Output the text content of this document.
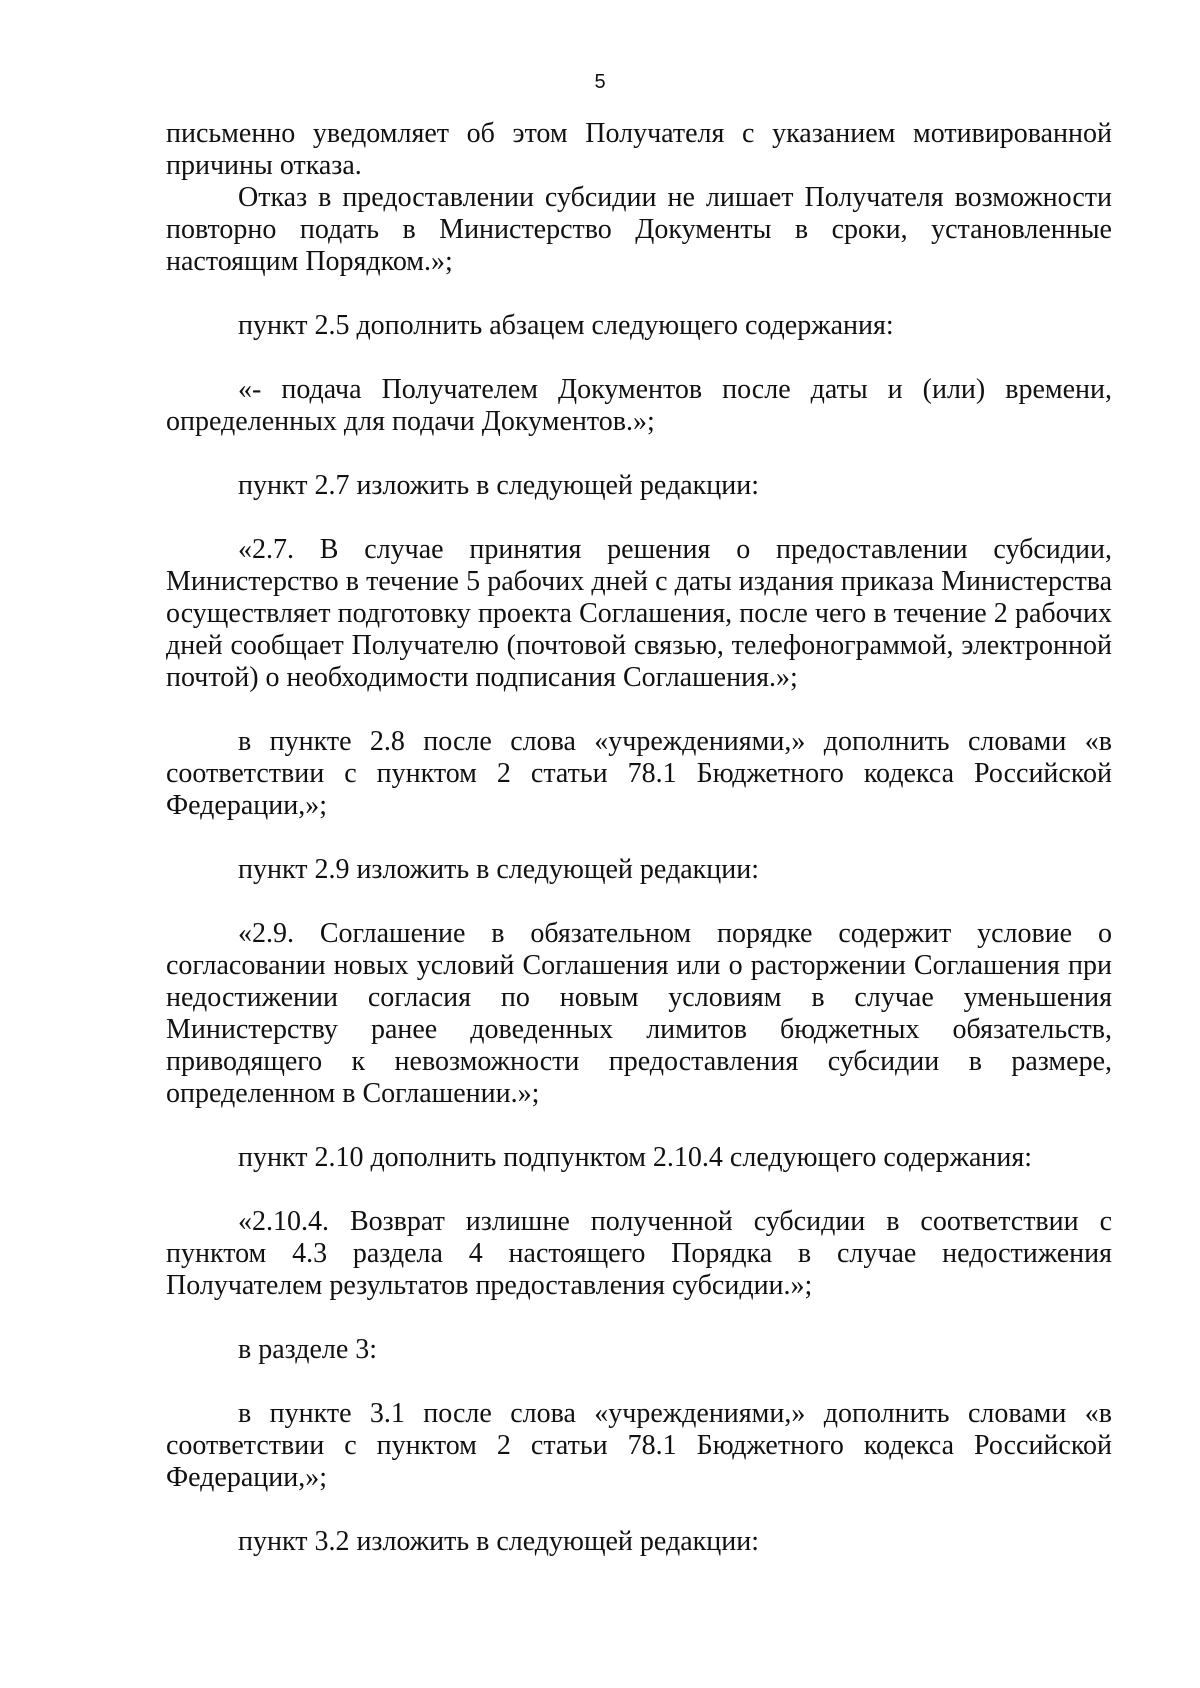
5

письменно уведомляет об этом Получателя с указанием мотивированной причины отказа.

Отказ в предоставлении субсидии не лишает Получателя возможности повторно подать в Министерство Документы в сроки, установленные настоящим Порядком.»;

пункт 2.5 дополнить абзацем следующего содержания:

«- подача Получателем Документов после даты и (или) времени, определенных для подачи Документов.»;

пункт 2.7 изложить в следующей редакции:

«2.7. В случае принятия решения о предоставлении субсидии, Министерство в течение 5 рабочих дней с даты издания приказа Министерства осуществляет подготовку проекта Соглашения, после чего в течение 2 рабочих дней сообщает Получателю (почтовой связью, телефонограммой, электронной почтой) о необходимости подписания Соглашения.»;

в пункте 2.8 после слова «учреждениями,» дополнить словами «в соответствии с пунктом 2 статьи 78.1 Бюджетного кодекса Российской Федерации,»;

пункт 2.9 изложить в следующей редакции:

«2.9. Соглашение в обязательном порядке содержит условие о согласовании новых условий Соглашения или о расторжении Соглашения при недостижении согласия по новым условиям в случае уменьшения Министерству ранее доведенных лимитов бюджетных обязательств, приводящего к невозможности предоставления субсидии в размере, определенном в Соглашении.»;

пункт 2.10 дополнить подпунктом 2.10.4 следующего содержания:

«2.10.4. Возврат излишне полученной субсидии в соответствии с пунктом 4.3 раздела 4 настоящего Порядка в случае недостижения Получателем результатов предоставления субсидии.»;

в разделе 3:

в пункте 3.1 после слова «учреждениями,» дополнить словами «в соответствии с пунктом 2 статьи 78.1 Бюджетного кодекса Российской Федерации,»;

пункт 3.2 изложить в следующей редакции:
